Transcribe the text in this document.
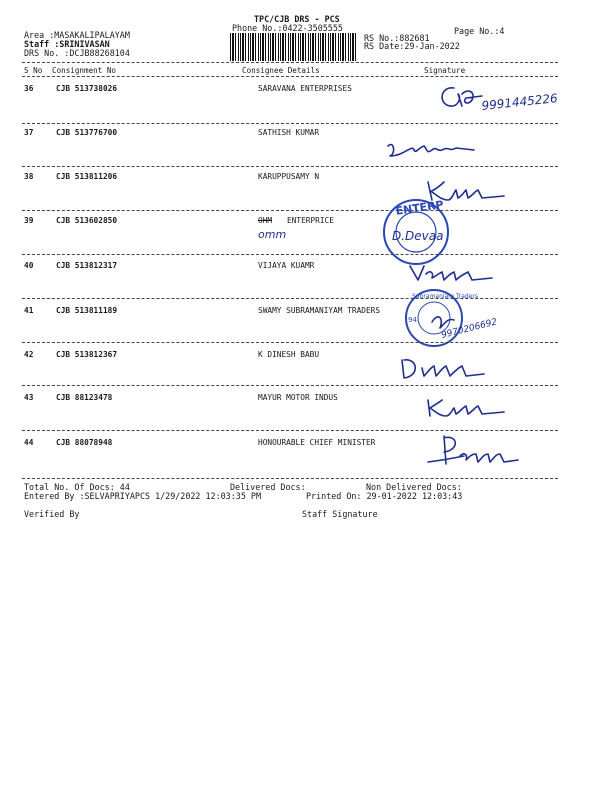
TPC/CJB DRS - PCS
Phone No.:0422-3505555
Area :MASAKALIPALAYAM
Staff :SRINIVASAN
DRS No. :DCJB88268104
Page No.:4
RS No.:882681
RS Date:29-Jan-2022
S No Consignment No	Consignee Details	Signature
36	CJB 513738026	SARAVANA ENTERPRISES
9991445226
37	CJB 513776700	SATHISH KUMAR
38	CJB 513811206	KARUPPUSAMY N
39	CJB 513602850	OHM ENTERPRICE
omm
ENTERP
D.Devaa
40	CJB 513812317	VIJAYA KUAMR
41	CJB 513811189	SWAMY SUBRAMANIYAM TRADERS
Subramaniam Traders
94	9970206692
42	CJB 513812367	K DINESH BABU
43	CJB 88123478	MAYUR MOTOR INDUS
44	CJB 88078948	HONOURABLE CHIEF MINISTER
Total No. Of Docs: 44	Delivered Docs:	Non Delivered Docs:
Entered By :SELVAPRIYAPCS 1/29/2022 12:03:35 PM	Printed On: 29-01-2022 12:03:43
Verified By	Staff Signature
